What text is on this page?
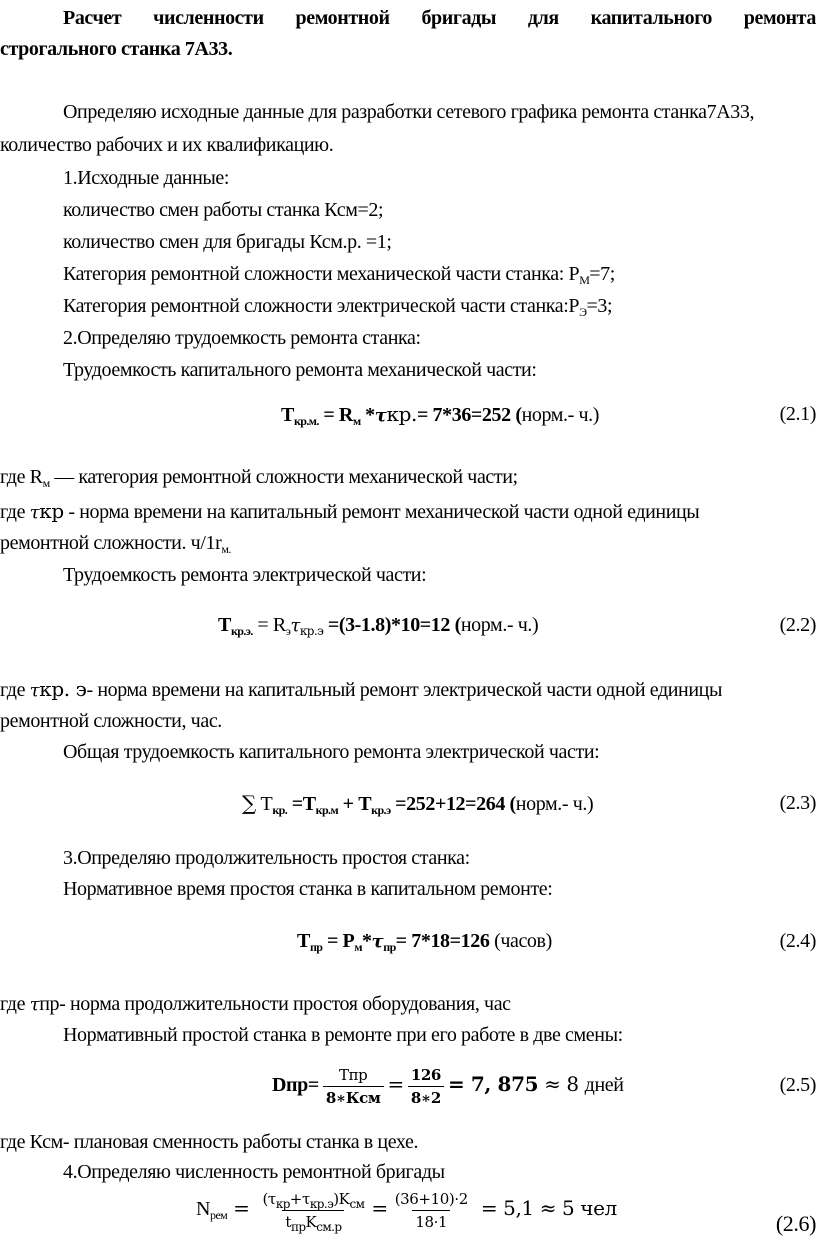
Расчет численности ремонтной бригады для капитального ремонта
строгального станка 7А33.
Определяю исходные данные для разработки сетевого графика ремонта станка7А33,
количество рабочих и их квалификацию.
1.Исходные данные:
количество смен работы станка Ксм=2;
количество смен для бригады Ксм.р. =1;
Категория ремонтной сложности механической части станка: $Р_М=7$;
Категория ремонтной сложности электрической части $станка:Р_Э=3$;
2.Определяю трудоемкость ремонта станка:
Трудоемкость капитального ремонта механической части:
$Т_{кр.м.} = R_м$ *τкр.= 7*36=252 (норм.- ч.)	(2.1)
где $R_м$ — категория ремонтной сложности механической части;
где τкр - норма времени на капитальный ремонт механической части одной единицы
ремонтной сложности. $ч/1r_{м.}$
Трудоемкость ремонта электрической части:
$Т_{кр.э.} = R_э\tau_{кр.э} =(3-1.8)*10=12$ (норм.- ч.)	(2.2)
где τкр. э- норма времени на капитальный ремонт электрической части одной единицы
ремонтной сложности, час.
Общая трудоемкость капитального ремонта электрической части:
∑ $Т_{кр.} =Т_{кр.м} + Т_{кр.э} =252+12=264$ (норм.- ч.)	(2.3)
3.Определяю продолжительность простоя станка:
Нормативное время простоя станка в капитальном ремонте:
$Т_{пр} = Р_м*\tau_{пр}= 7*18=126$ (часов)	(2.4)
где τпр- норма продолжительности простоя оборудования, час
Нормативный простой станка в ремонте при его работе в две смены:
$Dпр= \frac{\text{Тпр}}{\text{8∗Ксм}} = \frac{126}{8∗2} = 7$, 875 ≈ 8 дней	(2.5)
где Ксм- плановая сменность работы станка в цехе.
4.Определяю численность ремонтной бригады
$N_{рем} = \frac{(\tau_{кр}+\tau_{кр.э})K_{см}}{t_{пр}K_{см.р}} = \frac{(36+10)\cdot 2}{18\cdot 1} = 5,1 \approx 5$ чел
(2.6)
